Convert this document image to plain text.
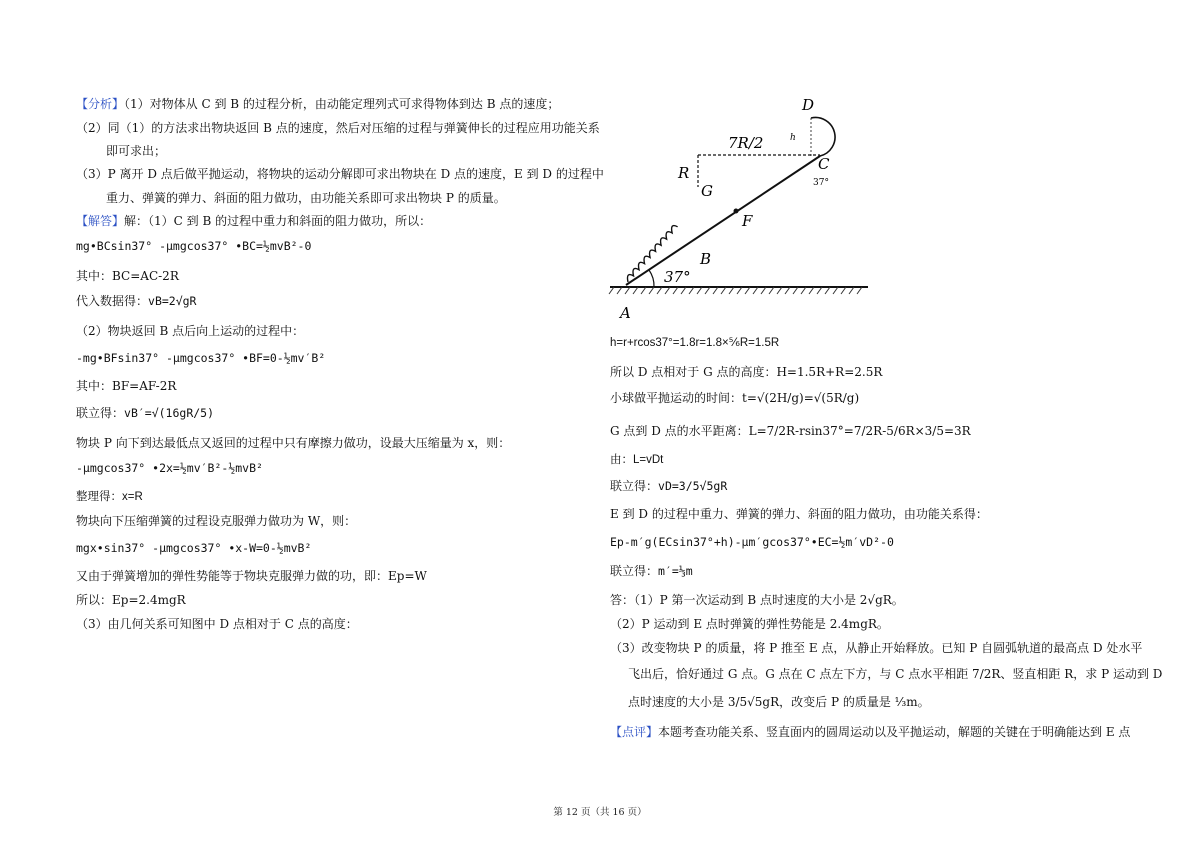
【分析】（1）对物体从 C 到 B 的过程分析，由动能定理列式可求得物体到达 B 点的速度；
（2）同（1）的方法求出物块返回 B 点的速度，然后对压缩的过程与弹簧伸长的过程应用功能关系
即可求出；
（3）P 离开 D 点后做平抛运动，将物块的运动分解即可求出物块在 D 点的速度，E 到 D 的过程中
重力、弹簧的弹力、斜面的阻力做功，由功能关系即可求出物块 P 的质量。
【解答】解：（1）C 到 B 的过程中重力和斜面的阻力做功，所以：
mg•BCsin37° -μmgcos37° •BC=½mvB²-0
其中：BC=AC-2R
代入数据得：vB=2√gR
（2）物块返回 B 点后向上运动的过程中：
-mg•BFsin37° -μmgcos37° •BF=0-½mv′B²
其中：BF=AF-2R
联立得：vB′=√(16gR/5)
物块 P 向下到达最低点又返回的过程中只有摩擦力做功，设最大压缩量为 x，则：
-μmgcos37° •2x=½mv′B²-½mvB²
整理得：x=R
物块向下压缩弹簧的过程设克服弹力做功为 W，则：
mgx•sin37° -μmgcos37° •x-W=0-½mvB²
又由于弹簧增加的弹性势能等于物块克服弹力做的功，即：Ep=W
所以：Ep=2.4mgR
（3）由几何关系可知图中 D 点相对于 C 点的高度：
D
C
h
7R/2
R
G
F
B
A
37°
37°
h=r+rcos37°=1.8r=1.8×⅚R=1.5R
所以 D 点相对于 G 点的高度：H=1.5R+R=2.5R
小球做平抛运动的时间：t=√(2H/g)=√(5R/g)
G 点到 D 点的水平距离：L=7/2R-rsin37°=7/2R-5/6R×3/5=3R
由：L=vDt
联立得：vD=3/5√5gR
E 到 D 的过程中重力、弹簧的弹力、斜面的阻力做功，由功能关系得：
Ep-m′g(ECsin37°+h)-μm′gcos37°•EC=½m′vD²-0
联立得：m′=⅓m
答：（1）P 第一次运动到 B 点时速度的大小是 2√gR。
（2）P 运动到 E 点时弹簧的弹性势能是 2.4mgR。
（3）改变物块 P 的质量，将 P 推至 E 点，从静止开始释放。已知 P 自圆弧轨道的最高点 D 处水平
飞出后，恰好通过 G 点。G 点在 C 点左下方，与 C 点水平相距 7/2R、竖直相距 R，求 P 运动到 D
点时速度的大小是 3/5√5gR，改变后 P 的质量是 ⅓m。
【点评】本题考查功能关系、竖直面内的圆周运动以及平抛运动，解题的关键在于明确能达到 E 点
第 12 页（共 16 页）
